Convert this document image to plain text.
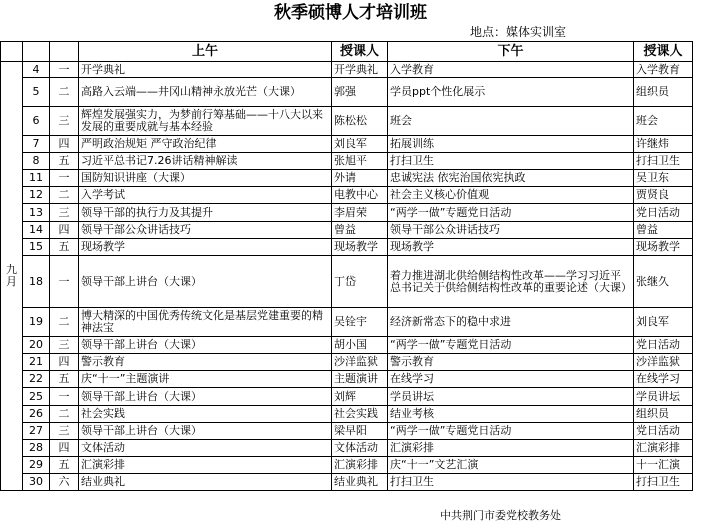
秋季硕博人才培训班
地点：媒体实训室
			上午	授课人	下午	授课人
九月	4	一	开学典礼	开学典礼	入学教育	入学教育
	5	二	高路入云端——井冈山精神永放光芒（大课）	郭强	学员ppt个性化展示	组织员
	6	三	辉煌发展强实力，为梦前行筹基础——十八大以来发展的重要成就与基本经验	陈松松	班会	班会
	7	四	严明政治规矩 严守政治纪律	刘良军	拓展训练	许继炜
	8	五	习近平总书记7.26讲话精神解读	张旭平	打扫卫生	打扫卫生
	11	一	国防知识讲座（大课）	外请	忠诚宪法 依宪治国依宪执政	吴卫东
	12	二	入学考试	电教中心	社会主义核心价值观	贾贤良
	13	三	领导干部的执行力及其提升	李眉荣	“两学一做”专题党日活动	党日活动
	14	四	领导干部公众讲话技巧	曾益	领导干部公众讲话技巧	曾益
	15	五	现场教学	现场教学	现场教学	现场教学
	18	一	领导干部上讲台（大课）	丁岱	着力推进湖北供给侧结构性改革——学习习近平总书记关于供给侧结构性改革的重要论述（大课）	张继久
	19	二	博大精深的中国优秀传统文化是基层党建重要的精神法宝	吴铨宇	经济新常态下的稳中求进	刘良军
	20	三	领导干部上讲台（大课）	胡小国	“两学一做”专题党日活动	党日活动
	21	四	警示教育	沙洋监狱	警示教育	沙洋监狱
	22	五	庆“十一”主题演讲	主题演讲	在线学习	在线学习
	25	一	领导干部上讲台（大课）	刘辉	学员讲坛	学员讲坛
	26	二	社会实践	社会实践	结业考核	组织员
	27	三	领导干部上讲台（大课）	梁早阳	“两学一做”专题党日活动	党日活动
	28	四	文体活动	文体活动	汇演彩排	汇演彩排
	29	五	汇演彩排	汇演彩排	庆“十一”文艺汇演	十一汇演
	30	六	结业典礼	结业典礼	打扫卫生	打扫卫生
中共荆门市委党校教务处
